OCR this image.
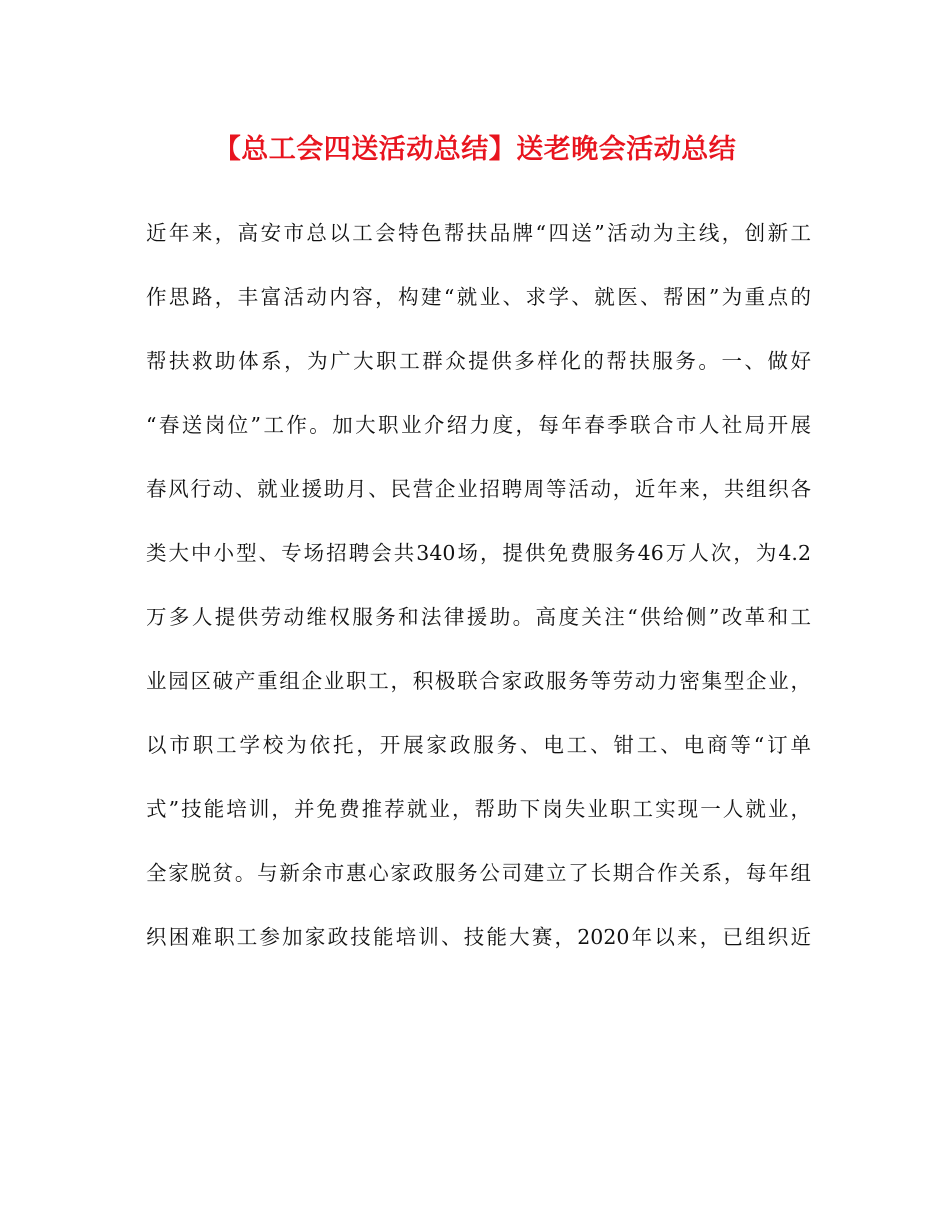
【总工会四送活动总结】送老晚会活动总结
近年来，高安市总以工会特色帮扶品牌“四送”活动为主线，创新工
作思路，丰富活动内容，构建“就业、求学、就医、帮困”为重点的
帮扶救助体系，为广大职工群众提供多样化的帮扶服务。一、做好
“春送岗位”工作。加大职业介绍力度，每年春季联合市人社局开展
春风行动、就业援助月、民营企业招聘周等活动，近年来，共组织各
类大中小型、专场招聘会共340场，提供免费服务46万人次，为4.2
万多人提供劳动维权服务和法律援助。高度关注“供给侧”改革和工
业园区破产重组企业职工，积极联合家政服务等劳动力密集型企业，
以市职工学校为依托，开展家政服务、电工、钳工、电商等“订单
式”技能培训，并免费推荐就业，帮助下岗失业职工实现一人就业，
全家脱贫。与新余市惠心家政服务公司建立了长期合作关系，每年组
织困难职工参加家政技能培训、技能大赛，2020年以来，已组织近
